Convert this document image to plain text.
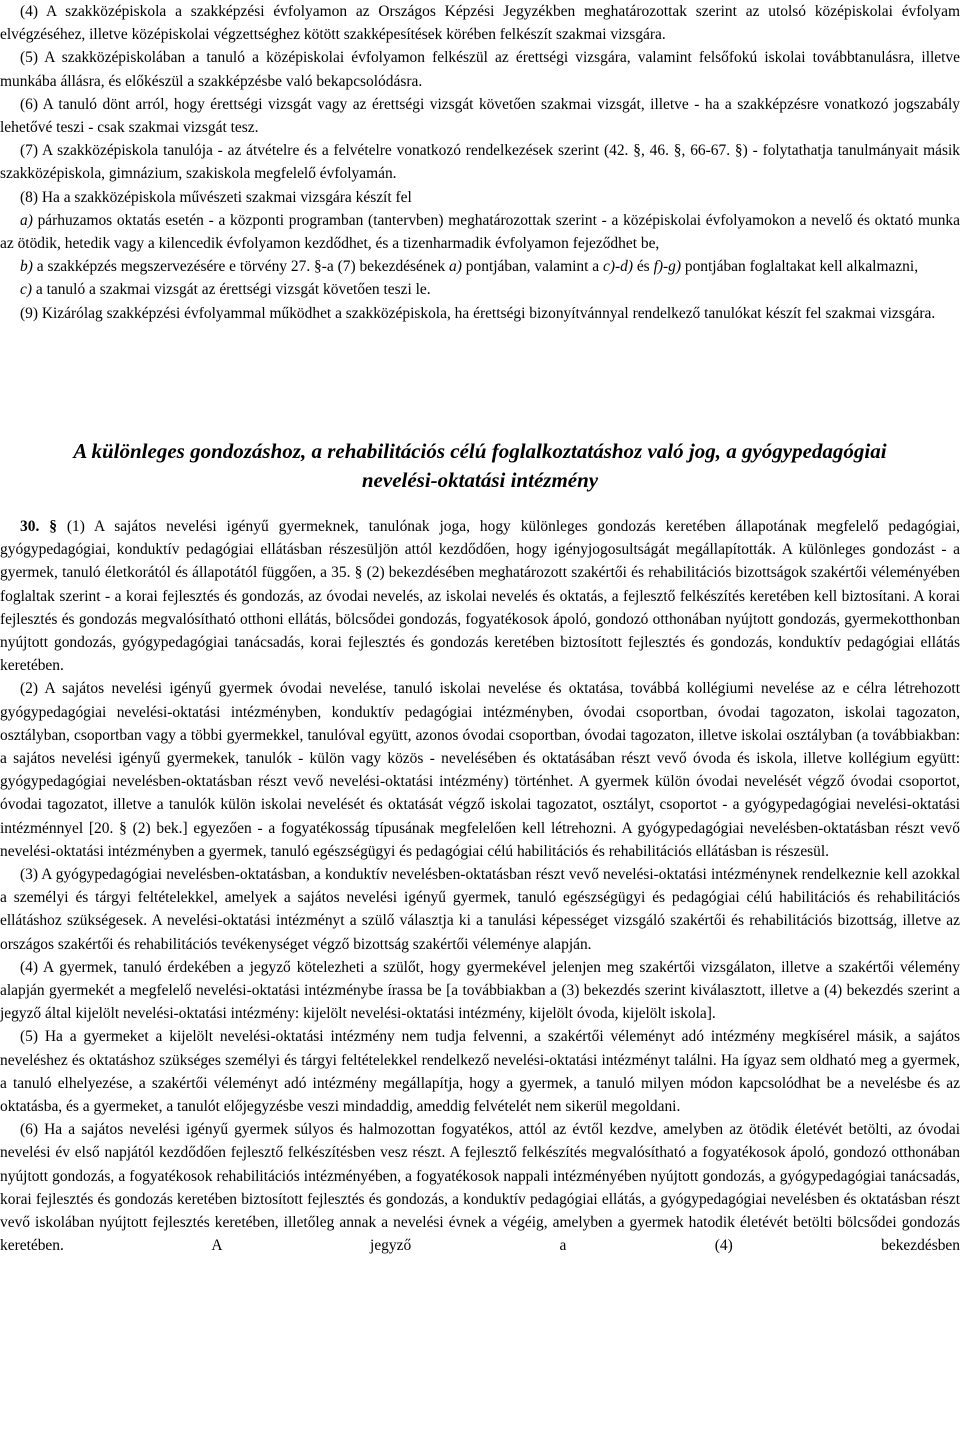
(4) A szakközépiskola a szakképzési évfolyamon az Országos Képzési Jegyzékben meghatározottak szerint az utolsó középiskolai évfolyam elvégzéséhez, illetve középiskolai végzettséghez kötött szakképesítések körében felkészít szakmai vizsgára.

(5) A szakközépiskolában a tanuló a középiskolai évfolyamon felkészül az érettségi vizsgára, valamint felsőfokú iskolai továbbtanulásra, illetve munkába állásra, és előkészül a szakképzésbe való bekapcsolódásra.

(6) A tanuló dönt arról, hogy érettségi vizsgát vagy az érettségi vizsgát követően szakmai vizsgát, illetve - ha a szakképzésre vonatkozó jogszabály lehetővé teszi - csak szakmai vizsgát tesz.

(7) A szakközépiskola tanulója - az átvételre és a felvételre vonatkozó rendelkezések szerint (42. §, 46. §, 66-67. §) - folytathatja tanulmányait másik szakközépiskola, gimnázium, szakiskola megfelelő évfolyamán.

(8) Ha a szakközépiskola művészeti szakmai vizsgára készít fel

a) párhuzamos oktatás esetén - a központi programban (tantervben) meghatározottak szerint - a középiskolai évfolyamokon a nevelő és oktató munka az ötödik, hetedik vagy a kilencedik évfolyamon kezdődhet, és a tizenharmadik évfolyamon fejeződhet be,

b) a szakképzés megszervezésére e törvény 27. §-a (7) bekezdésének a) pontjában, valamint a c)-d) és f)-g) pontjában foglaltakat kell alkalmazni,

c) a tanuló a szakmai vizsgát az érettségi vizsgát követően teszi le.

(9) Kizárólag szakképzési évfolyammal működhet a szakközépiskola, ha érettségi bizonyítvánnyal rendelkező tanulókat készít fel szakmai vizsgára.

A különleges gondozáshoz, a rehabilitációs célú foglalkoztatáshoz való jog, a gyógypedagógiai
nevelési-oktatási intézmény

30. § (1) A sajátos nevelési igényű gyermeknek, tanulónak joga, hogy különleges gondozás keretében állapotának megfelelő pedagógiai, gyógypedagógiai, konduktív pedagógiai ellátásban részesüljön attól kezdődően, hogy igényjogosultságát megállapították. A különleges gondozást - a gyermek, tanuló életkorától és állapotától függően, a 35. § (2) bekezdésében meghatározott szakértői és rehabilitációs bizottságok szakértői véleményében foglaltak szerint - a korai fejlesztés és gondozás, az óvodai nevelés, az iskolai nevelés és oktatás, a fejlesztő felkészítés keretében kell biztosítani. A korai fejlesztés és gondozás megvalósítható otthoni ellátás, bölcsődei gondozás, fogyatékosok ápoló, gondozó otthonában nyújtott gondozás, gyermekotthonban nyújtott gondozás, gyógypedagógiai tanácsadás, korai fejlesztés és gondozás keretében biztosított fejlesztés és gondozás, konduktív pedagógiai ellátás keretében.

(2) A sajátos nevelési igényű gyermek óvodai nevelése, tanuló iskolai nevelése és oktatása, továbbá kollégiumi nevelése az e célra létrehozott gyógypedagógiai nevelési-oktatási intézményben, konduktív pedagógiai intézményben, óvodai csoportban, óvodai tagozaton, iskolai tagozaton, osztályban, csoportban vagy a többi gyermekkel, tanulóval együtt, azonos óvodai csoportban, óvodai tagozaton, illetve iskolai osztályban (a továbbiakban: a sajátos nevelési igényű gyermekek, tanulók - külön vagy közös - nevelésében és oktatásában részt vevő óvoda és iskola, illetve kollégium együtt: gyógypedagógiai nevelésben-oktatásban részt vevő nevelési-oktatási intézmény) történhet. A gyermek külön óvodai nevelését végző óvodai csoportot, óvodai tagozatot, illetve a tanulók külön iskolai nevelését és oktatását végző iskolai tagozatot, osztályt, csoportot - a gyógypedagógiai nevelési-oktatási intézménnyel [20. § (2) bek.] egyezően - a fogyatékosság típusának megfelelően kell létrehozni. A gyógypedagógiai nevelésben-oktatásban részt vevő nevelési-oktatási intézményben a gyermek, tanuló egészségügyi és pedagógiai célú habilitációs és rehabilitációs ellátásban is részesül.

(3) A gyógypedagógiai nevelésben-oktatásban, a konduktív nevelésben-oktatásban részt vevő nevelési-oktatási intézménynek rendelkeznie kell azokkal a személyi és tárgyi feltételekkel, amelyek a sajátos nevelési igényű gyermek, tanuló egészségügyi és pedagógiai célú habilitációs és rehabilitációs ellátáshoz szükségesek. A nevelési-oktatási intézményt a szülő választja ki a tanulási képességet vizsgáló szakértői és rehabilitációs bizottság, illetve az országos szakértői és rehabilitációs tevékenységet végző bizottság szakértői véleménye alapján.

(4) A gyermek, tanuló érdekében a jegyző kötelezheti a szülőt, hogy gyermekével jelenjen meg szakértői vizsgálaton, illetve a szakértői vélemény alapján gyermekét a megfelelő nevelési-oktatási intézménybe írassa be [a továbbiakban a (3) bekezdés szerint kiválasztott, illetve a (4) bekezdés szerint a jegyző által kijelölt nevelési-oktatási intézmény: kijelölt nevelési-oktatási intézmény, kijelölt óvoda, kijelölt iskola].

(5) Ha a gyermeket a kijelölt nevelési-oktatási intézmény nem tudja felvenni, a szakértői véleményt adó intézmény megkísérel másik, a sajátos neveléshez és oktatáshoz szükséges személyi és tárgyi feltételekkel rendelkező nevelési-oktatási intézményt találni. Ha ígyaz sem oldható meg a gyermek, a tanuló elhelyezése, a szakértői véleményt adó intézmény megállapítja, hogy a gyermek, a tanuló milyen módon kapcsolódhat be a nevelésbe és az oktatásba, és a gyermeket, a tanulót előjegyzésbe veszi mindaddig, ameddig felvételét nem sikerül megoldani.

(6) Ha a sajátos nevelési igényű gyermek súlyos és halmozottan fogyatékos, attól az évtől kezdve, amelyben az ötödik életévét betölti, az óvodai nevelési év első napjától kezdődően fejlesztő felkészítésben vesz részt. A fejlesztő felkészítés megvalósítható a fogyatékosok ápoló, gondozó otthonában nyújtott gondozás, a fogyatékosok rehabilitációs intézményében, a fogyatékosok nappali intézményében nyújtott gondozás, a gyógypedagógiai tanácsadás, korai fejlesztés és gondozás keretében biztosított fejlesztés és gondozás, a konduktív pedagógiai ellátás, a gyógypedagógiai nevelésben és oktatásban részt vevő iskolában nyújtott fejlesztés keretében, illetőleg annak a nevelési évnek a végéig, amelyben a gyermek hatodik életévét betölti bölcsődei gondozás keretében. A jegyző a (4) bekezdésben
